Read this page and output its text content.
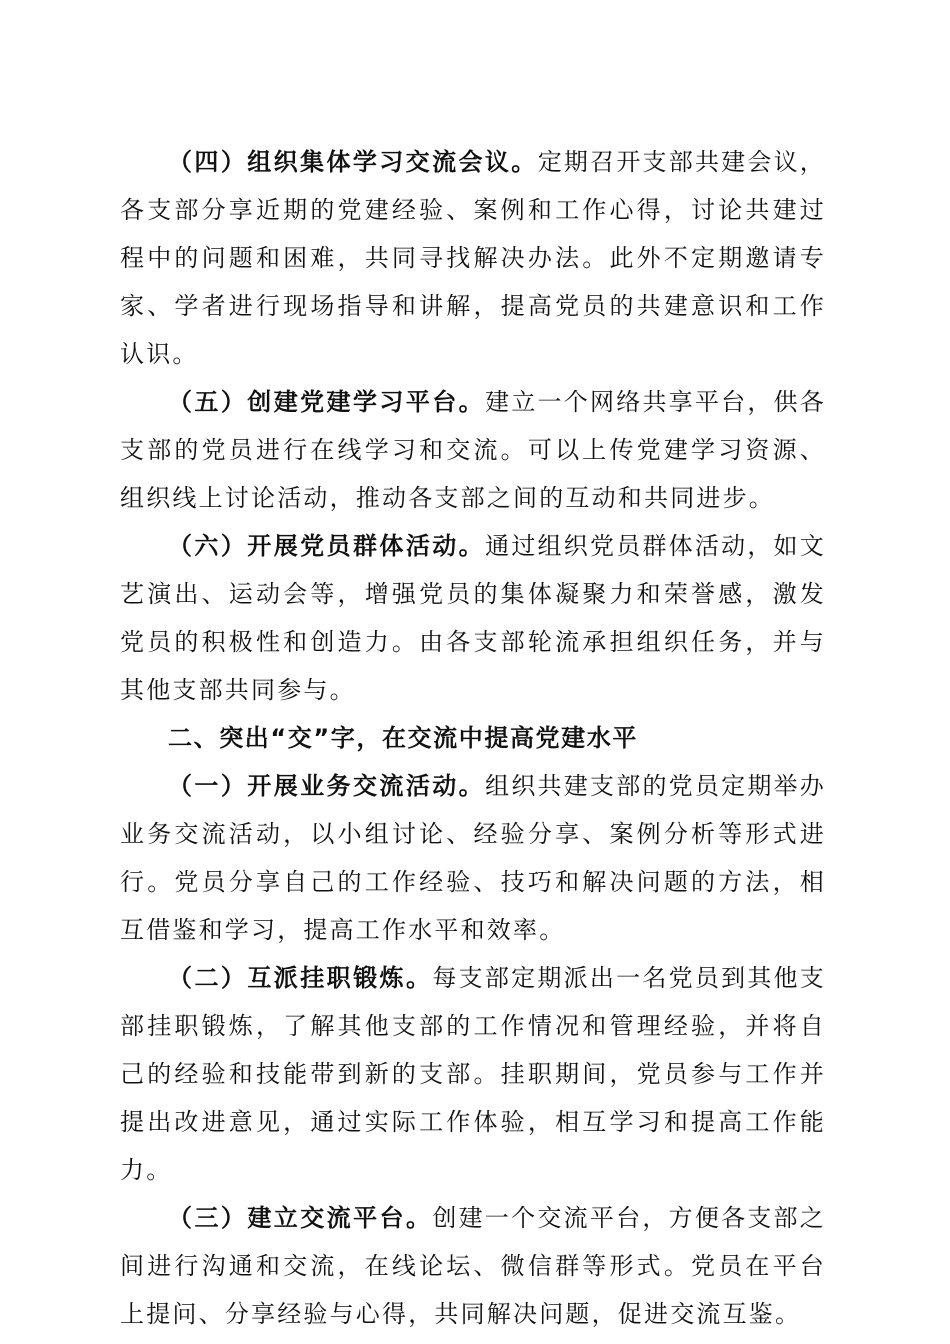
（四）组织集体学习交流会议。定期召开支部共建会议，各支部分享近期的党建经验、案例和工作心得，讨论共建过程中的问题和困难，共同寻找解决办法。此外不定期邀请专家、学者进行现场指导和讲解，提高党员的共建意识和工作认识。

（五）创建党建学习平台。建立一个网络共享平台，供各支部的党员进行在线学习和交流。可以上传党建学习资源、组织线上讨论活动，推动各支部之间的互动和共同进步。

（六）开展党员群体活动。通过组织党员群体活动，如文艺演出、运动会等，增强党员的集体凝聚力和荣誉感，激发党员的积极性和创造力。由各支部轮流承担组织任务，并与其他支部共同参与。

二、突出“交”字，在交流中提高党建水平

（一）开展业务交流活动。组织共建支部的党员定期举办业务交流活动，以小组讨论、经验分享、案例分析等形式进行。党员分享自己的工作经验、技巧和解决问题的方法，相互借鉴和学习，提高工作水平和效率。

（二）互派挂职锻炼。每支部定期派出一名党员到其他支部挂职锻炼，了解其他支部的工作情况和管理经验，并将自己的经验和技能带到新的支部。挂职期间，党员参与工作并提出改进意见，通过实际工作体验，相互学习和提高工作能力。

（三）建立交流平台。创建一个交流平台，方便各支部之间进行沟通和交流，在线论坛、微信群等形式。党员在平台上提问、分享经验与心得，共同解决问题，促进交流互鉴。
